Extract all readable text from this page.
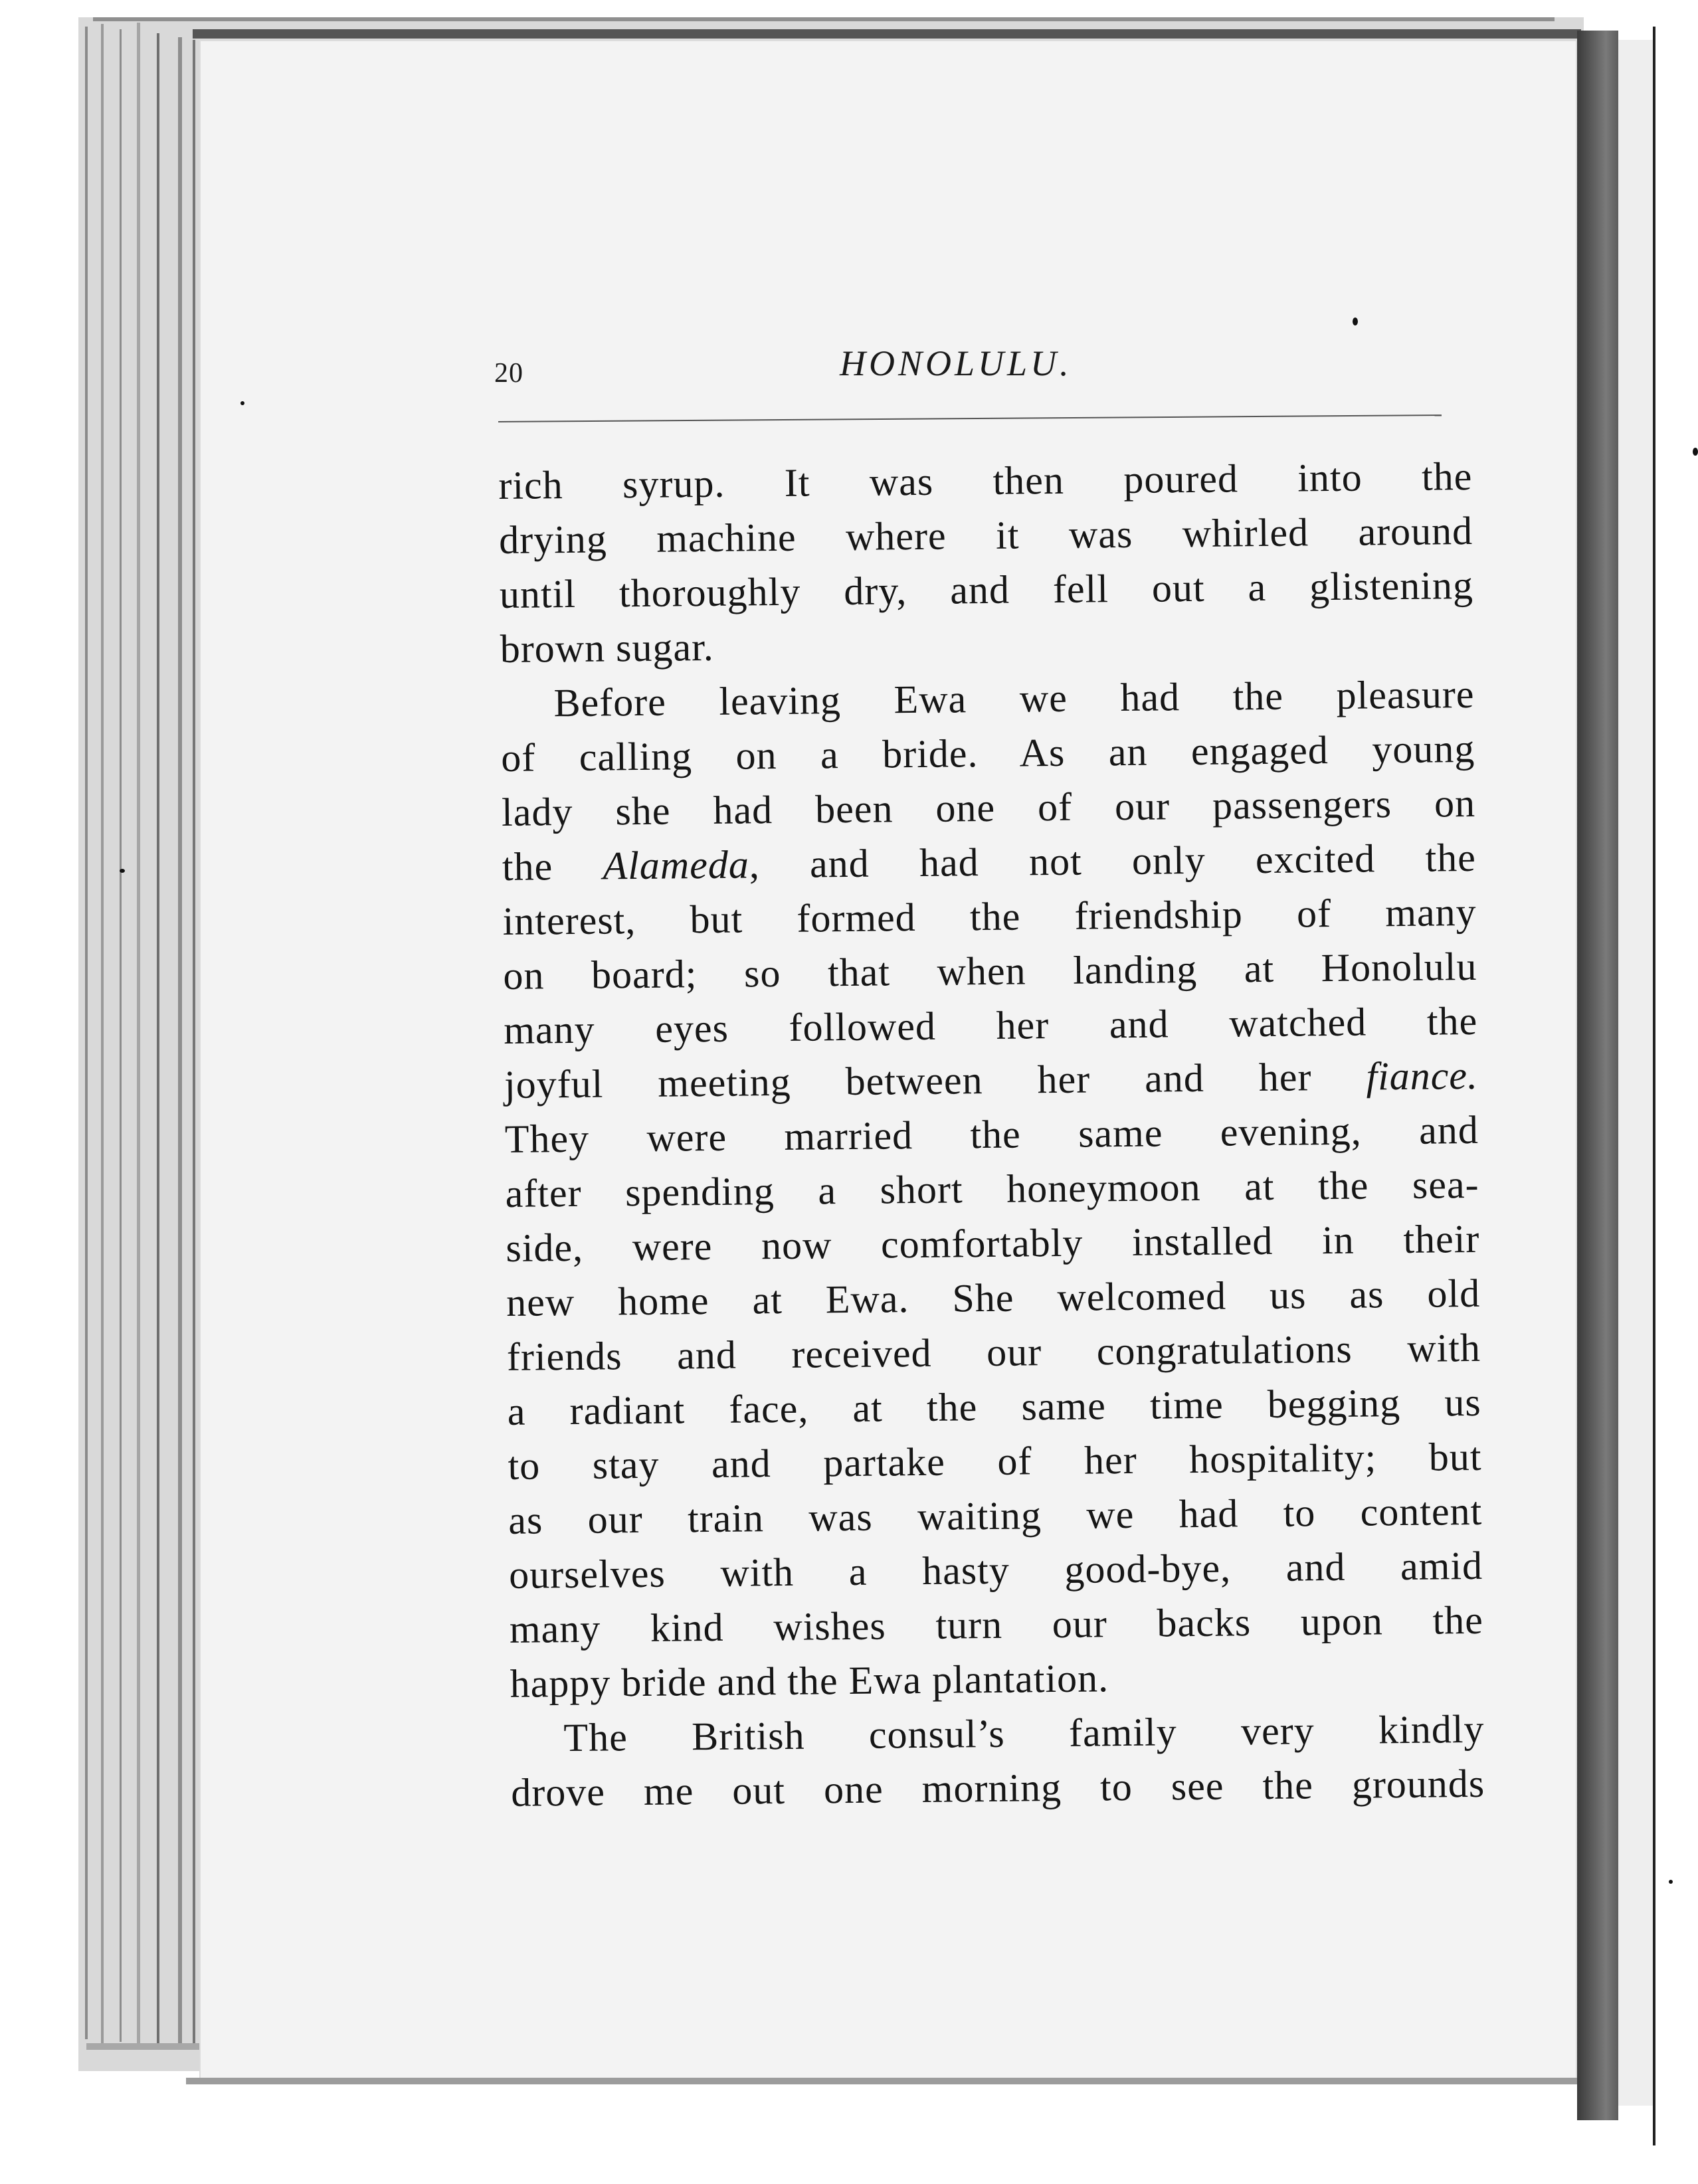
20	HONOLULU.
rich syrup. It was then poured into the
drying machine where it was whirled around
until thoroughly dry, and fell out a glistening
brown sugar.
Before leaving Ewa we had the pleasure
of calling on a bride. As an engaged young
lady she had been one of our passengers on
the Alameda, and had not only excited the
interest, but formed the friendship of many
on board; so that when landing at Honolulu
many eyes followed her and watched the
joyful meeting between her and her fiance.
They were married the same evening, and
after spending a short honeymoon at the sea-
side, were now comfortably installed in their
new home at Ewa. She welcomed us as old
friends and received our congratulations with
a radiant face, at the same time begging us
to stay and partake of her hospitality; but
as our train was waiting we had to content
ourselves with a hasty good-bye, and amid
many kind wishes turn our backs upon the
happy bride and the Ewa plantation.
The British consul’s family very kindly
drove me out one morning to see the grounds
